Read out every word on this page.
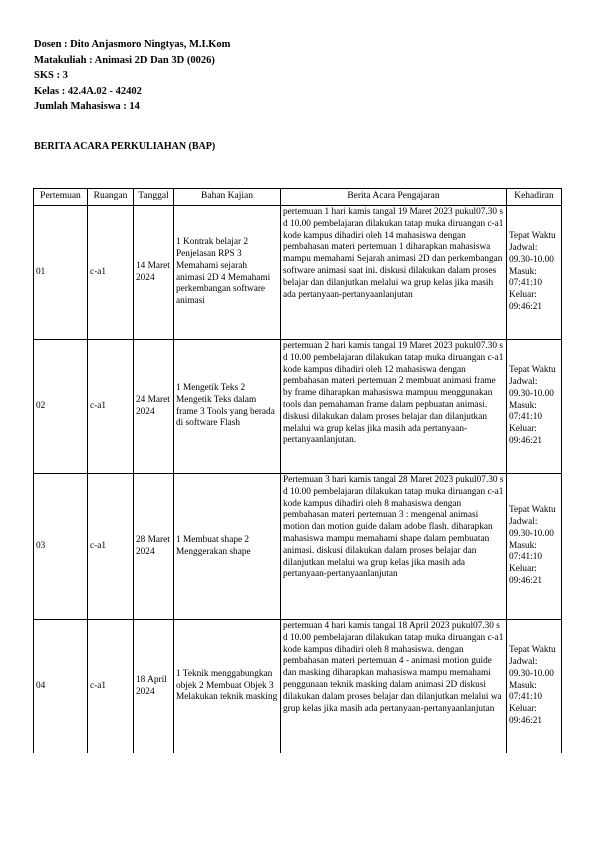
Dosen : Dito Anjasmoro Ningtyas, M.I.Kom
Matakuliah : Animasi 2D Dan 3D (0026)
SKS : 3
Kelas : 42.4A.02 - 42402
Jumlah Mahasiswa : 14
BERITA ACARA PERKULIAHAN (BAP)
Pertemuan	Ruangan	Tanggal	Bahan Kajian	Berita Acara Pengajaran	Kehadiran
01	c-a1	14 Maret 2024	1 Kontrak belajar 2 Penjelasan RPS 3 Memahami sejarah animasi 2D 4 Memahami perkembangan software animasi	pertemuan 1 hari kamis tangal 19 Maret 2023 pukul07.30 s d 10.00 pembelajaran dilakukan tatap muka diruangan c-a1 kode kampus dihadiri oleh 14 mahasiswa dengan pembahasan materi pertemuan 1 diharapkan mahasiswa mampu memahami Sejarah animasi 2D dan perkembangan software animasi saat ini. diskusi dilakukan dalam proses belajar dan dilanjutkan melalui wa grup kelas jika masih ada pertanyaan-pertanyaanlanjutan	Tepat Waktu Jadwal: 09.30-10.00 Masuk: 07:41:10 Keluar: 09:46:21
02	c-a1	24 Maret 2024	1 Mengetik Teks 2 Mengetik Teks dalam frame 3 Tools yang berada di software Flash	pertemuan 2 hari kamis tangal 19 Maret 2023 pukul07.30 s d 10.00 pembelajaran dilakukan tatap muka diruangan c-a1 kode kampus dihadiri oleh 12 mahasiswa dengan pembahasan materi pertemuan 2 membuat animasi frame by frame diharapkan mahasiswa mampuu menggunakan tools dan pemahaman frame dalam pepbuatan animasi. diskusi dilakukan dalam proses belajar dan dilanjutkan melalui wa grup kelas jika masih ada pertanyaan-pertanyaanlanjutan.	Tepat Waktu Jadwal: 09.30-10.00 Masuk: 07:41:10 Keluar: 09:46:21
03	c-a1	28 Maret 2024	1 Membuat shape 2 Menggerakan shape	Pertemuan 3 hari kamis tangal 28 Maret 2023 pukul07.30 s d 10.00 pembelajaran dilakukan tatap muka diruangan c-a1 kode kampus dihadiri oleh 8 mahasiswa dengan pembahasan materi pertemuan 3 : mengenal animasi motion dan motion guide dalam adobe flash. diharapkan mahasiswa mampu memahami shape dalam pembuatan animasi. diskusi dilakukan dalam proses belajar dan dilanjutkan melalui wa grup kelas jika masih ada pertanyaan-pertanyaanlanjutan	Tepat Waktu Jadwal: 09.30-10.00 Masuk: 07:41:10 Keluar: 09:46:21
04	c-a1	18 April 2024	1 Teknik menggabungkan objek 2 Membuat Objek 3 Melakukan teknik masking	pertemuan 4 hari kamis tangal 18 April 2023 pukul07.30 s d 10.00 pembelajaran dilakukan tatap muka diruangan c-a1 kode kampus dihadiri oleh 8 mahasiswa. dengan pembahasan materi pertemuan 4 - animasi motion guide dan masking diharapkan mahasiswa mampu memahami penggunaan teknik masking dalam animasi 2D diskusi dilakukan dalam proses belajar dan dilanjutkan melalui wa grup kelas jika masih ada pertanyaan-pertanyaanlanjutan	Tepat Waktu Jadwal: 09.30-10.00 Masuk: 07:41:10 Keluar: 09:46:21
